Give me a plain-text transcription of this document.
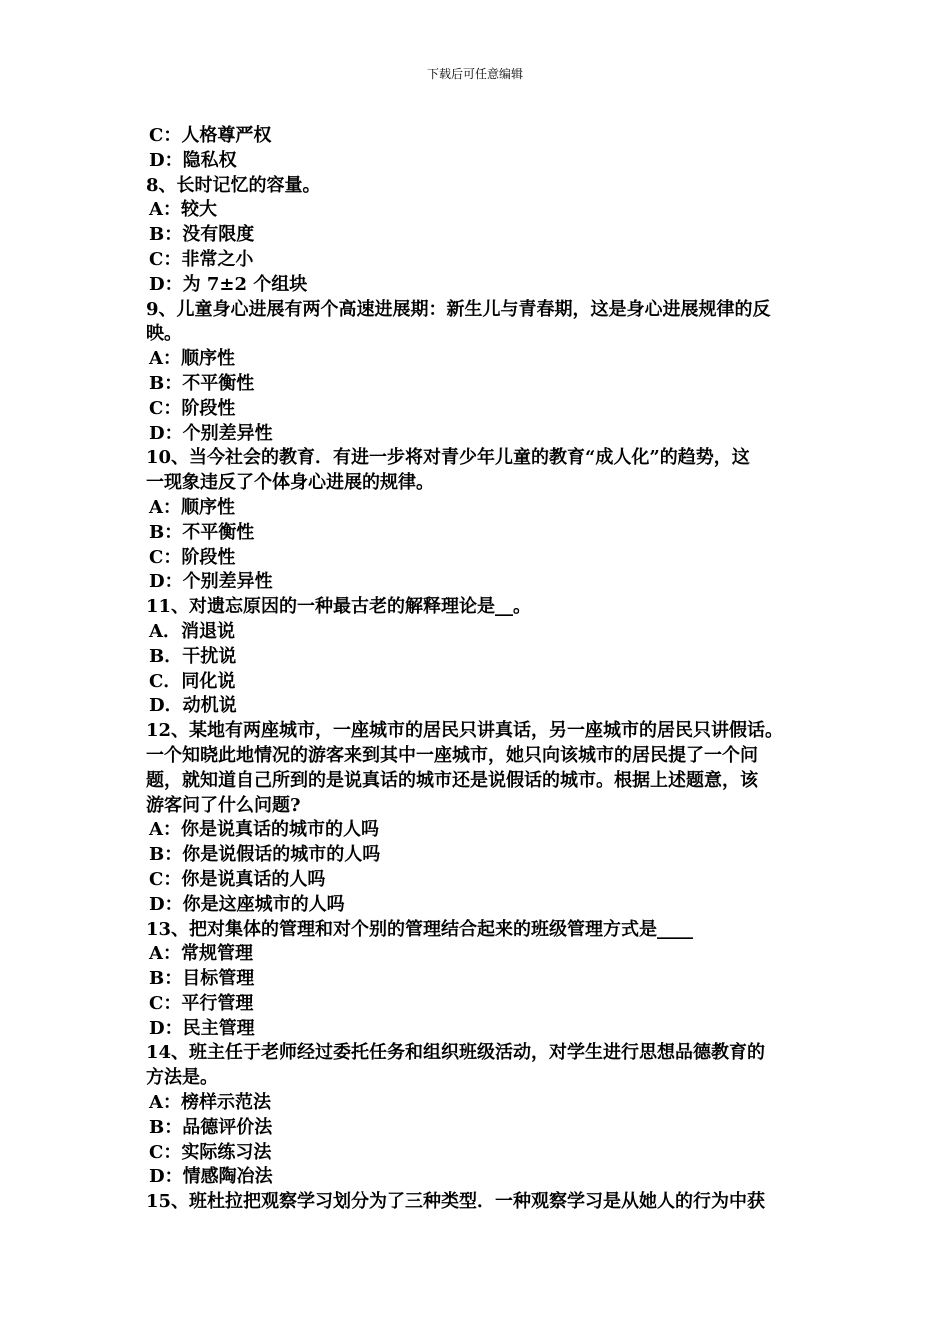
下载后可任意编辑
C：人格尊严权
D：隐私权
8、长时记忆的容量。
A：较大
B：没有限度
C：非常之小
D：为 7±2 个组块
9、儿童身心进展有两个高速进展期：新生儿与青春期，这是身心进展规律的反
映。
A：顺序性
B：不平衡性
C：阶段性
D：个别差异性
10、当今社会的教育．有进一步将对青少年儿童的教育“成人化”的趋势，这
一现象违反了个体身心进展的规律。
A：顺序性
B：不平衡性
C：阶段性
D：个别差异性
11、对遗忘原因的一种最古老的解释理论是__。
A．消退说
B．干扰说
C．同化说
D．动机说
12、某地有两座城市，一座城市的居民只讲真话，另一座城市的居民只讲假话。
一个知晓此地情况的游客来到其中一座城市，她只向该城市的居民提了一个问
题，就知道自己所到的是说真话的城市还是说假话的城市。根据上述题意，该
游客问了什么问题?
A：你是说真话的城市的人吗
B：你是说假话的城市的人吗
C：你是说真话的人吗
D：你是这座城市的人吗
13、把对集体的管理和对个别的管理结合起来的班级管理方式是____
A：常规管理
B：目标管理
C：平行管理
D：民主管理
14、班主任于老师经过委托任务和组织班级活动，对学生进行思想品德教育的
方法是。
A：榜样示范法
B：品德评价法
C：实际练习法
D：情感陶冶法
15、班杜拉把观察学习划分为了三种类型．一种观察学习是从她人的行为中获
